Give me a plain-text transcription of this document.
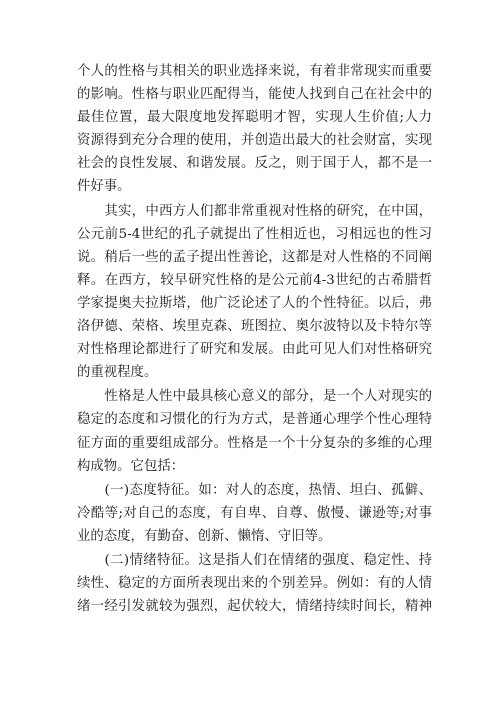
个人的性格与其相关的职业选择来说，有着非常现实而重要
的影响。性格与职业匹配得当，能使人找到自己在社会中的
最佳位置，最大限度地发挥聪明才智，实现人生价值;人力
资源得到充分合理的使用，并创造出最大的社会财富，实现
社会的良性发展、和谐发展。反之，则于国于人，都不是一
件好事。
　　其实，中西方人们都非常重视对性格的研究，在中国，
公元前5-4世纪的孔子就提出了性相近也，习相远也的性习
说。稍后一些的孟子提出性善论，这都是对人性格的不同阐
释。在西方，较早研究性格的是公元前4-3世纪的古希腊哲
学家提奥夫拉斯塔，他广泛论述了人的个性特征。以后，弗
洛伊德、荣格、埃里克森、班图拉、奥尔波特以及卡特尔等
对性格理论都进行了研究和发展。由此可见人们对性格研究
的重视程度。
　　性格是人性中最具核心意义的部分，是一个人对现实的
稳定的态度和习惯化的行为方式，是普通心理学个性心理特
征方面的重要组成部分。性格是一个十分复杂的多维的心理
构成物。它包括：
　　(一)态度特征。如：对人的态度，热情、坦白、孤僻、
冷酷等;对自己的态度，有自卑、自尊、傲慢、谦逊等;对事
业的态度，有勤奋、创新、懒惰、守旧等。
　　(二)情绪特征。这是指人们在情绪的强度、稳定性、持
续性、稳定的方面所表现出来的个别差异。例如：有的人情
绪一经引发就较为强烈，起伏较大，情绪持续时间长，精神
